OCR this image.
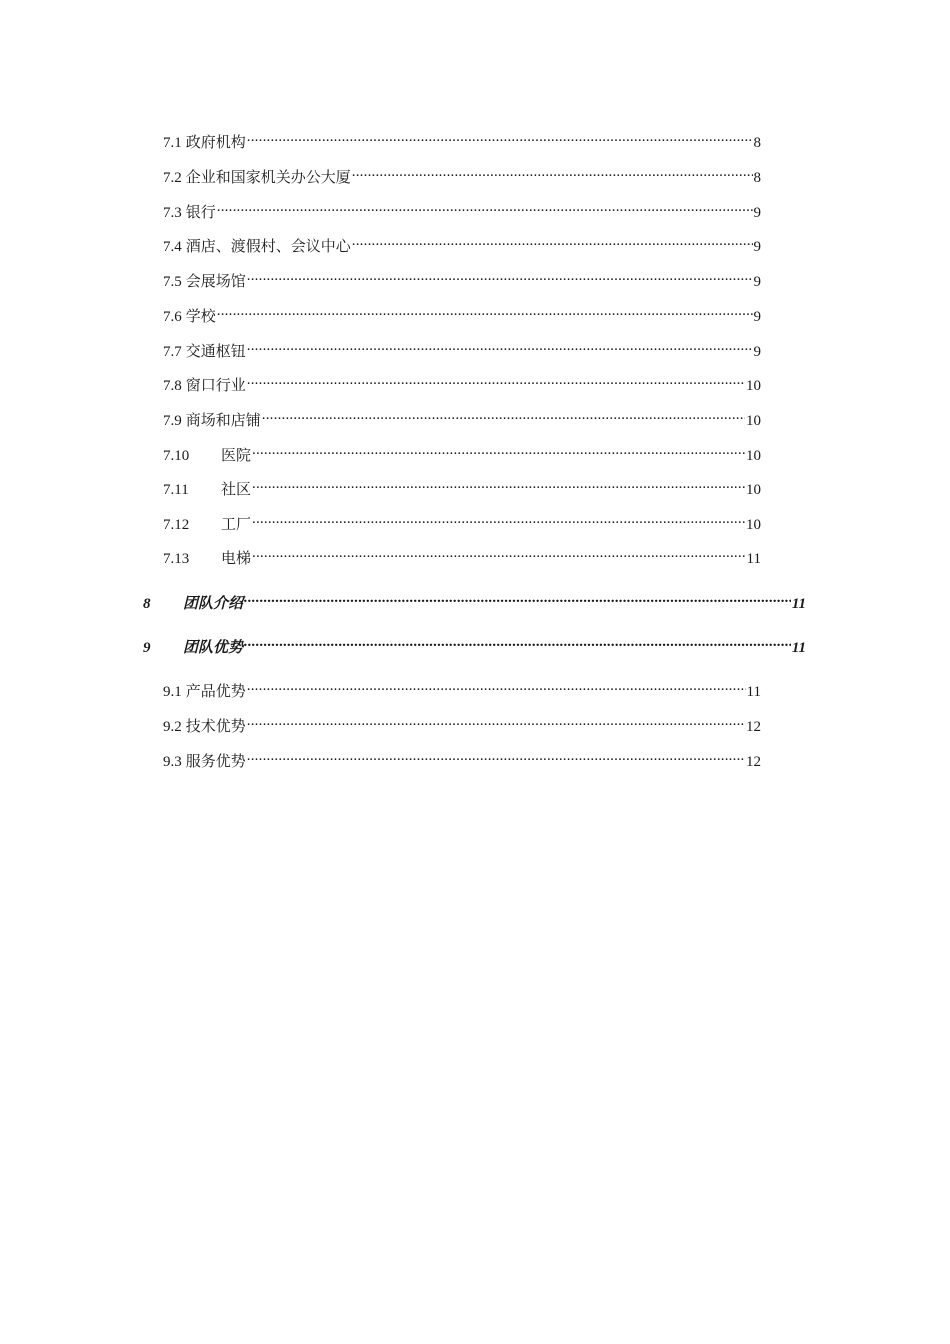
7.1 政府机构 .....	8
7.2 企业和国家机关办公大厦 .....	8
7.3 银行 .....	9
7.4 酒店、渡假村、会议中心 .....	9
7.5 会展场馆 .....	9
7.6 学校 .....	9
7.7 交通枢钮 .....	9
7.8 窗口行业 .....	10
7.9 商场和店铺 .....	10
7.10	医院 .....	10
7.11	社区 .....	10
7.12	工厂 .....	10
7.13	电梯 .....	11
8	团队介绍 .....	11
9	团队优势 .....	11
9.1 产品优势 .....	11
9.2 技术优势 .....	12
9.3 服务优势 .....	12
